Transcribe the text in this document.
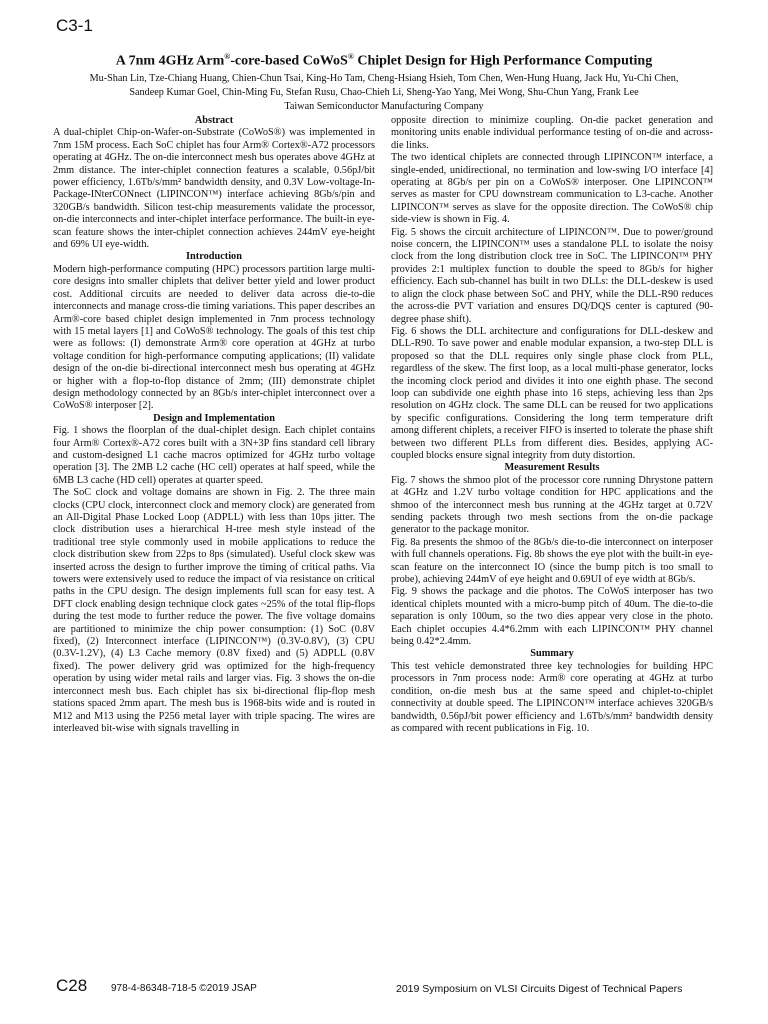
C3-1
A 7nm 4GHz Arm®-core-based CoWoS® Chiplet Design for High Performance Computing
Mu-Shan Lin, Tze-Chiang Huang, Chien-Chun Tsai, King-Ho Tam, Cheng-Hsiang Hsieh, Tom Chen, Wen-Hung Huang, Jack Hu, Yu-Chi Chen,
Sandeep Kumar Goel, Chin-Ming Fu, Stefan Rusu, Chao-Chieh Li, Sheng-Yao Yang, Mei Wong, Shu-Chun Yang, Frank Lee
Taiwan Semiconductor Manufacturing Company
Abstract

A dual-chiplet Chip-on-Wafer-on-Substrate (CoWoS®) was implemented in 7nm 15M process. Each SoC chiplet has four Arm® Cortex®-A72 processors operating at 4GHz. The on-die interconnect mesh bus operates above 4GHz at 2mm distance. The inter-chiplet connection features a scalable, 0.56pJ/bit power efficiency, 1.6Tb/s/mm² bandwidth density, and 0.3V Low-voltage-In-Package-INterCONnect (LIPINCON™) interface achieving 8Gb/s/pin and 320GB/s bandwidth. Silicon test-chip measurements validate the processor, on-die interconnects and inter-chiplet interface performance. The built-in eye-scan feature shows the inter-chiplet connection achieves 244mV eye-height and 69% UI eye-width.

Introduction

Modern high-performance computing (HPC) processors partition large multi-core designs into smaller chiplets that deliver better yield and lower product cost. Additional circuits are needed to deliver data across die-to-die interconnects and manage cross-die timing variations. This paper describes an Arm®-core based chiplet design implemented in 7nm process technology with 15 metal layers [1] and CoWoS® technology. The goals of this test chip were as follows: (I) demonstrate Arm® core operation at 4GHz at turbo voltage condition for high-performance computing applications; (II) validate design of the on-die bi-directional interconnect mesh bus operating at 4GHz or higher with a flop-to-flop distance of 2mm; (III) demonstrate chiplet design methodology connected by an 8Gb/s inter-chiplet interconnect over a CoWoS® interposer [2].

Design and Implementation

Fig. 1 shows the floorplan of the dual-chiplet design. Each chiplet contains four Arm® Cortex®-A72 cores built with a 3N+3P fins standard cell library and custom-designed L1 cache macros optimized for 4GHz turbo voltage operation [3]. The 2MB L2 cache (HC cell) operates at half speed, while the 6MB L3 cache (HD cell) operates at quarter speed.

The SoC clock and voltage domains are shown in Fig. 2. The three main clocks (CPU clock, interconnect clock and memory clock) are generated from an All-Digital Phase Locked Loop (ADPLL) with less than 10ps jitter. The clock distribution uses a hierarchical H-tree mesh style instead of the traditional tree style commonly used in mobile applications to reduce the clock distribution skew from 22ps to 8ps (simulated). Useful clock skew was inserted across the design to further improve the timing of critical paths. Via towers were extensively used to reduce the impact of via resistance on critical paths in the CPU design. The design implements full scan for easy test. A DFT clock enabling design technique clock gates ~25% of the total flip-flops during the test mode to further reduce the power. The five voltage domains are partitioned to minimize the chip power consumption: (1) SoC (0.8V fixed), (2) Interconnect interface (LIPINCON™) (0.3V-0.8V), (3) CPU (0.3V-1.2V), (4) L3 Cache memory (0.8V fixed) and (5) ADPLL (0.8V fixed). The power delivery grid was optimized for the high-frequency operation by using wider metal rails and larger vias. Fig. 3 shows the on-die interconnect mesh bus. Each chiplet has six bi-directional flip-flop mesh stations spaced 2mm apart. The mesh bus is 1968-bits wide and is routed in M12 and M13 using the P256 metal layer with triple spacing. The wires are interleaved bit-wise with signals travelling in

opposite direction to minimize coupling. On-die packet generation and monitoring units enable individual performance testing of on-die and across-die links.

The two identical chiplets are connected through LIPINCON™ interface, a single-ended, unidirectional, no termination and low-swing I/O interface [4] operating at 8Gb/s per pin on a CoWoS® interposer. One LIPINCON™ serves as master for CPU downstream communication to L3-cache. Another LIPINCON™ serves as slave for the opposite direction. The CoWoS® chip side-view is shown in Fig. 4.

Fig. 5 shows the circuit architecture of LIPINCON™. Due to power/ground noise concern, the LIPINCON™ uses a standalone PLL to isolate the noisy clock from the long distribution clock tree in SoC. The LIPINCON™ PHY provides 2:1 multiplex function to double the speed to 8Gb/s for higher efficiency. Each sub-channel has built in two DLLs: the DLL-deskew is used to align the clock phase between SoC and PHY, while the DLL-R90 reduces the across-die PVT variation and ensures DQ/DQS center is captured (90-degree phase shift).

Fig. 6 shows the DLL architecture and configurations for DLL-deskew and DLL-R90. To save power and enable modular expansion, a two-step DLL is proposed so that the DLL requires only single phase clock from PLL, regardless of the skew. The first loop, as a local multi-phase generator, locks the incoming clock period and divides it into one eighth phase. The second loop can subdivide one eighth phase into 16 steps, achieving less than 2ps resolution on 4GHz clock. The same DLL can be reused for two applications by specific configurations. Considering the long term temperature drift among different chiplets, a receiver FIFO is inserted to tolerate the phase shift between two different PLLs from different dies. Besides, applying AC-coupled blocks ensure signal integrity from duty distortion.

Measurement Results

Fig. 7 shows the shmoo plot of the processor core running Dhrystone pattern at 4GHz and 1.2V turbo voltage condition for HPC applications and the shmoo of the interconnect mesh bus running at the 4GHz target at 0.72V sending packets through two mesh sections from the on-die package generator to the package monitor.

Fig. 8a presents the shmoo of the 8Gb/s die-to-die interconnect on interposer with full channels operations. Fig. 8b shows the eye plot with the built-in eye-scan feature on the interconnect IO (since the bump pitch is too small to probe), achieving 244mV of eye height and 0.69UI of eye width at 8Gb/s.

Fig. 9 shows the package and die photos. The CoWoS interposer has two identical chiplets mounted with a micro-bump pitch of 40um. The die-to-die separation is only 100um, so the two dies appear very close in the photo. Each chiplet occupies 4.4*6.2mm with each LIPINCON™ PHY channel being 0.42*2.4mm.

Summary

This test vehicle demonstrated three key technologies for building HPC processors in 7nm process node: Arm® core operating at 4GHz at turbo condition, on-die mesh bus at the same speed and chiplet-to-chiplet connectivity at double speed. The LIPINCON™ interface achieves 320GB/s bandwidth, 0.56pJ/bit power efficiency and 1.6Tb/s/mm² bandwidth density as compared with recent publications in Fig. 10.

C28 978-4-86348-718-5 ©2019 JSAP	2019 Symposium on VLSI Circuits Digest of Technical Papers
